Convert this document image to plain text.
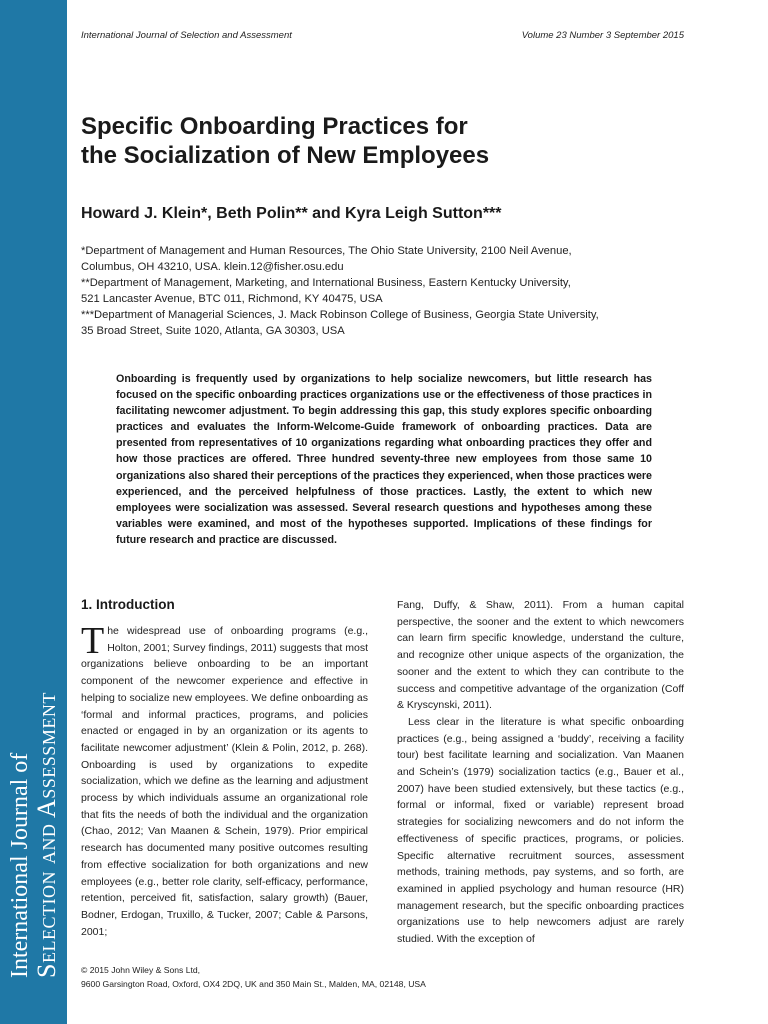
International Journal of Selection and Assessment
International Journal of Selection and Assessment	Volume 23 Number 3 September 2015
Specific Onboarding Practices for
the Socialization of New Employees

Howard J. Klein*, Beth Polin** and Kyra Leigh Sutton***

*Department of Management and Human Resources, The Ohio State University, 2100 Neil Avenue,
Columbus, OH 43210, USA. klein.12@fisher.osu.edu
**Department of Management, Marketing, and International Business, Eastern Kentucky University,
521 Lancaster Avenue, BTC 011, Richmond, KY 40475, USA
***Department of Managerial Sciences, J. Mack Robinson College of Business, Georgia State University,
35 Broad Street, Suite 1020, Atlanta, GA 30303, USA

Onboarding is frequently used by organizations to help socialize newcomers, but little research has focused on the specific onboarding practices organizations use or the effectiveness of those practices in facilitating newcomer adjustment. To begin addressing this gap, this study explores specific onboarding practices and evaluates the Inform-Welcome-Guide framework of onboarding practices. Data are presented from representatives of 10 organizations regarding what onboarding practices they offer and how those practices are offered. Three hundred seventy-three new employees from those same 10 organizations also shared their perceptions of the practices they experienced, when those practices were experienced, and the perceived helpfulness of those practices. Lastly, the extent to which new employees were socialization was assessed. Several research questions and hypotheses among these variables were examined, and most of the hypotheses supported. Implications of these findings for future research and practice are discussed.

1. Introduction

The widespread use of onboarding programs (e.g., Holton, 2001; Survey findings, 2011) suggests that most organizations believe onboarding to be an important component of the newcomer experience and effective in helping to socialize new employees. We define onboarding as ‘formal and informal practices, programs, and policies enacted or engaged in by an organization or its agents to facilitate newcomer adjustment’ (Klein & Polin, 2012, p. 268). Onboarding is used by organizations to expedite socialization, which we define as the learning and adjustment process by which individuals assume an organizational role that fits the needs of both the individual and the organization (Chao, 2012; Van Maanen & Schein, 1979). Prior empirical research has documented many positive outcomes resulting from effective socialization for both organizations and new employees (e.g., better role clarity, self-efficacy, performance, retention, perceived fit, satisfaction, salary growth) (Bauer, Bodner, Erdogan, Truxillo, & Tucker, 2007; Cable & Parsons, 2001;

Fang, Duffy, & Shaw, 2011). From a human capital perspective, the sooner and the extent to which newcomers can learn firm specific knowledge, understand the culture, and recognize other unique aspects of the organization, the sooner and the extent to which they can contribute to the success and competitive advantage of the organization (Coff & Kryscynski, 2011).

Less clear in the literature is what specific onboarding practices (e.g., being assigned a ‘buddy’, receiving a facility tour) best facilitate learning and socialization. Van Maanen and Schein’s (1979) socialization tactics (e.g., Bauer et al., 2007) have been studied extensively, but these tactics (e.g., formal or informal, fixed or variable) represent broad strategies for socializing newcomers and do not inform the effectiveness of specific practices, programs, or policies. Specific alternative recruitment sources, assessment methods, training methods, pay systems, and so forth, are examined in applied psychology and human resource (HR) management research, but the specific onboarding practices organizations use to help newcomers adjust are rarely studied. With the exception of

© 2015 John Wiley & Sons Ltd,
9600 Garsington Road, Oxford, OX4 2DQ, UK and 350 Main St., Malden, MA, 02148, USA
